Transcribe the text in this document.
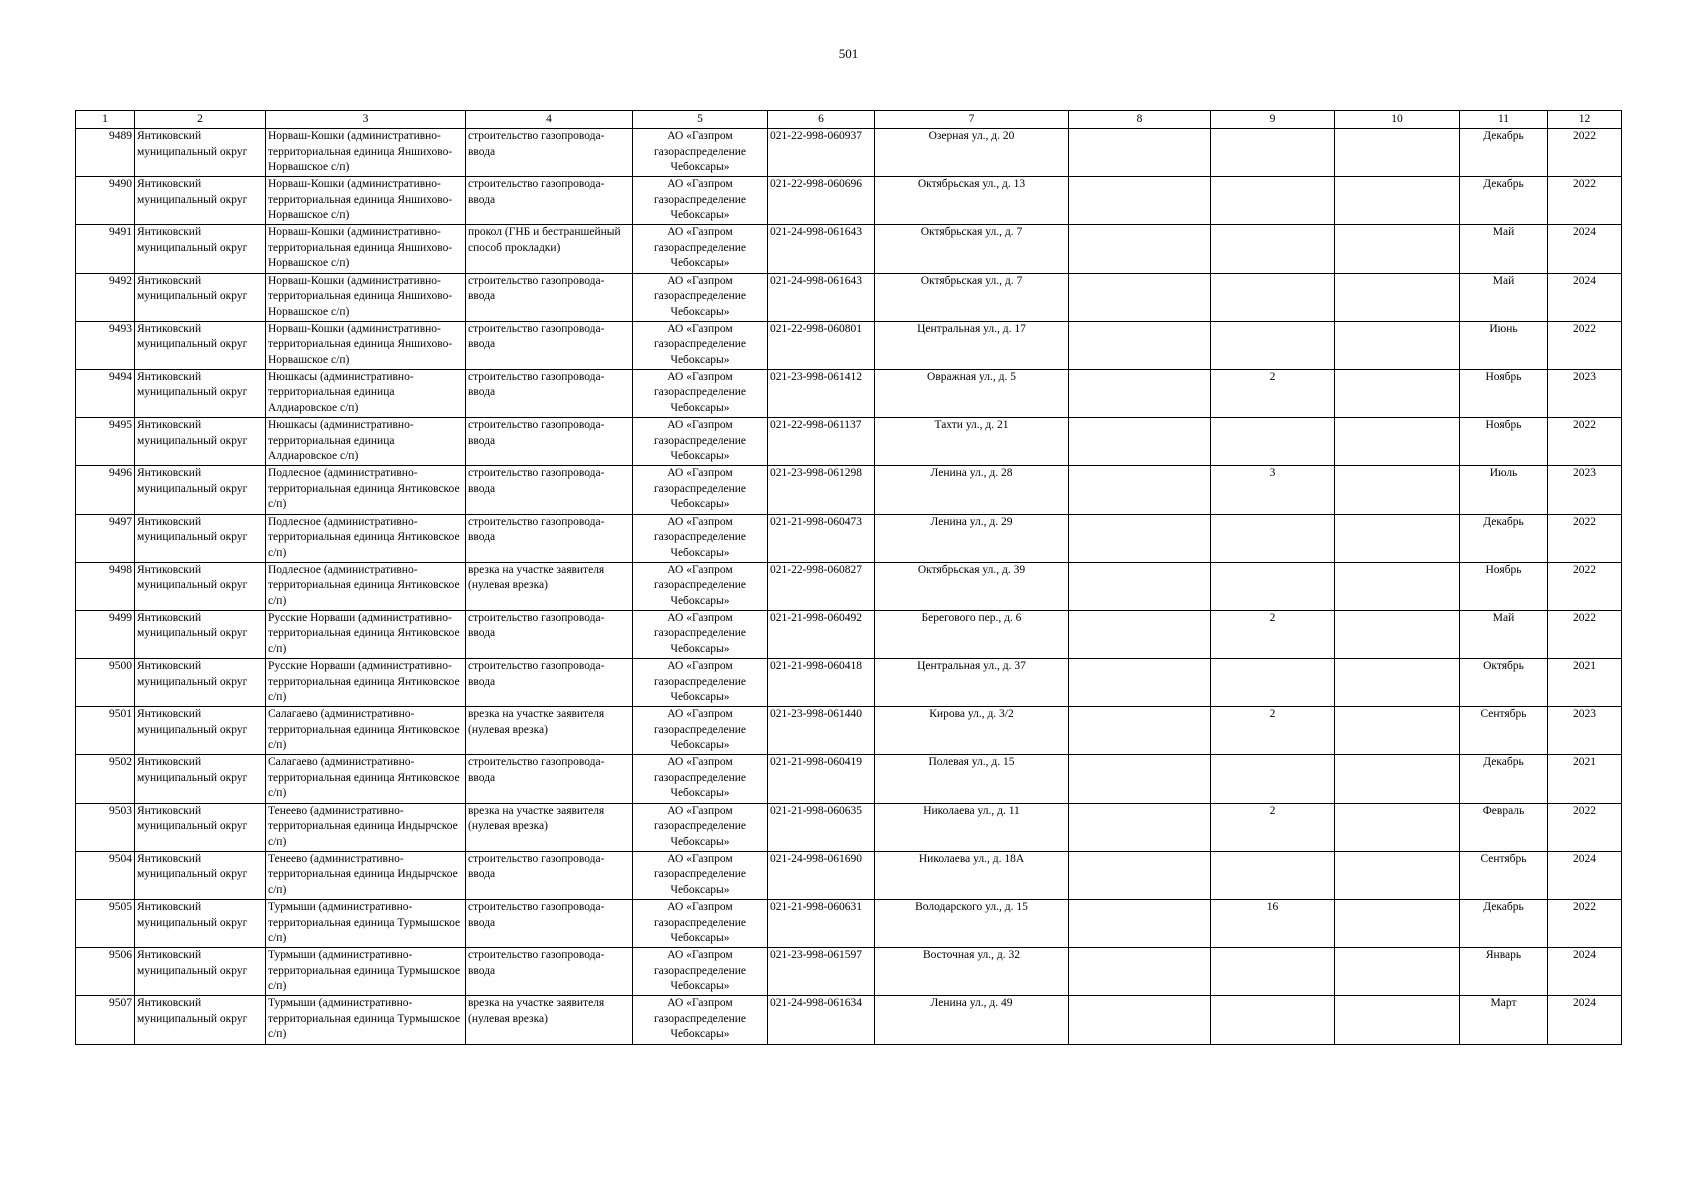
501
1	2	3	4	5	6	7	8	9	10	11	12
9489	Янтиковский муниципальный округ	Норваш-Кошки (административно-территориальная единица Яншихово-Норвашское с/п)	строительство газопровода-ввода	АО «Газпром газораспределение Чебоксары»	021-22-998-060937	Озерная ул., д. 20				Декабрь	2022
9490	Янтиковский муниципальный округ	Норваш-Кошки (административно-территориальная единица Яншихово-Норвашское с/п)	строительство газопровода-ввода	АО «Газпром газораспределение Чебоксары»	021-22-998-060696	Октябрьская ул., д. 13				Декабрь	2022
9491	Янтиковский муниципальный округ	Норваш-Кошки (административно-территориальная единица Яншихово-Норвашское с/п)	прокол (ГНБ и бестраншейный способ прокладки)	АО «Газпром газораспределение Чебоксары»	021-24-998-061643	Октябрьская ул., д. 7				Май	2024
9492	Янтиковский муниципальный округ	Норваш-Кошки (административно-территориальная единица Яншихово-Норвашское с/п)	строительство газопровода-ввода	АО «Газпром газораспределение Чебоксары»	021-24-998-061643	Октябрьская ул., д. 7				Май	2024
9493	Янтиковский муниципальный округ	Норваш-Кошки (административно-территориальная единица Яншихово-Норвашское с/п)	строительство газопровода-ввода	АО «Газпром газораспределение Чебоксары»	021-22-998-060801	Центральная ул., д. 17				Июнь	2022
9494	Янтиковский муниципальный округ	Нюшкасы (административно-территориальная единица Алдиаровское с/п)	строительство газопровода-ввода	АО «Газпром газораспределение Чебоксары»	021-23-998-061412	Овражная ул., д. 5		2		Ноябрь	2023
9495	Янтиковский муниципальный округ	Нюшкасы (административно-территориальная единица Алдиаровское с/п)	строительство газопровода-ввода	АО «Газпром газораспределение Чебоксары»	021-22-998-061137	Тахти ул., д. 21				Ноябрь	2022
9496	Янтиковский муниципальный округ	Подлесное (административно-территориальная единица Янтиковское с/п)	строительство газопровода-ввода	АО «Газпром газораспределение Чебоксары»	021-23-998-061298	Ленина ул., д. 28		3		Июль	2023
9497	Янтиковский муниципальный округ	Подлесное (административно-территориальная единица Янтиковское с/п)	строительство газопровода-ввода	АО «Газпром газораспределение Чебоксары»	021-21-998-060473	Ленина ул., д. 29				Декабрь	2022
9498	Янтиковский муниципальный округ	Подлесное (административно-территориальная единица Янтиковское с/п)	врезка на участке заявителя (нулевая врезка)	АО «Газпром газораспределение Чебоксары»	021-22-998-060827	Октябрьская ул., д. 39				Ноябрь	2022
9499	Янтиковский муниципальный округ	Русские Норваши (административно-территориальная единица Янтиковское с/п)	строительство газопровода-ввода	АО «Газпром газораспределение Чебоксары»	021-21-998-060492	Берегового пер., д. 6		2		Май	2022
9500	Янтиковский муниципальный округ	Русские Норваши (административно-территориальная единица Янтиковское с/п)	строительство газопровода-ввода	АО «Газпром газораспределение Чебоксары»	021-21-998-060418	Центральная ул., д. 37				Октябрь	2021
9501	Янтиковский муниципальный округ	Салагаево (административно-территориальная единица Янтиковское с/п)	врезка на участке заявителя (нулевая врезка)	АО «Газпром газораспределение Чебоксары»	021-23-998-061440	Кирова ул., д. 3/2		2		Сентябрь	2023
9502	Янтиковский муниципальный округ	Салагаево (административно-территориальная единица Янтиковское с/п)	строительство газопровода-ввода	АО «Газпром газораспределение Чебоксары»	021-21-998-060419	Полевая ул., д. 15				Декабрь	2021
9503	Янтиковский муниципальный округ	Тенеево (административно-территориальная единица Индырчское с/п)	врезка на участке заявителя (нулевая врезка)	АО «Газпром газораспределение Чебоксары»	021-21-998-060635	Николаева ул., д. 11		2		Февраль	2022
9504	Янтиковский муниципальный округ	Тенеево (административно-территориальная единица Индырчское с/п)	строительство газопровода-ввода	АО «Газпром газораспределение Чебоксары»	021-24-998-061690	Николаева ул., д. 18А				Сентябрь	2024
9505	Янтиковский муниципальный округ	Турмыши (административно-территориальная единица Турмышское с/п)	строительство газопровода-ввода	АО «Газпром газораспределение Чебоксары»	021-21-998-060631	Володарского ул., д. 15		16		Декабрь	2022
9506	Янтиковский муниципальный округ	Турмыши (административно-территориальная единица Турмышское с/п)	строительство газопровода-ввода	АО «Газпром газораспределение Чебоксары»	021-23-998-061597	Восточная ул., д. 32				Январь	2024
9507	Янтиковский муниципальный округ	Турмыши (административно-территориальная единица Турмышское с/п)	врезка на участке заявителя (нулевая врезка)	АО «Газпром газораспределение Чебоксары»	021-24-998-061634	Ленина ул., д. 49				Март	2024
